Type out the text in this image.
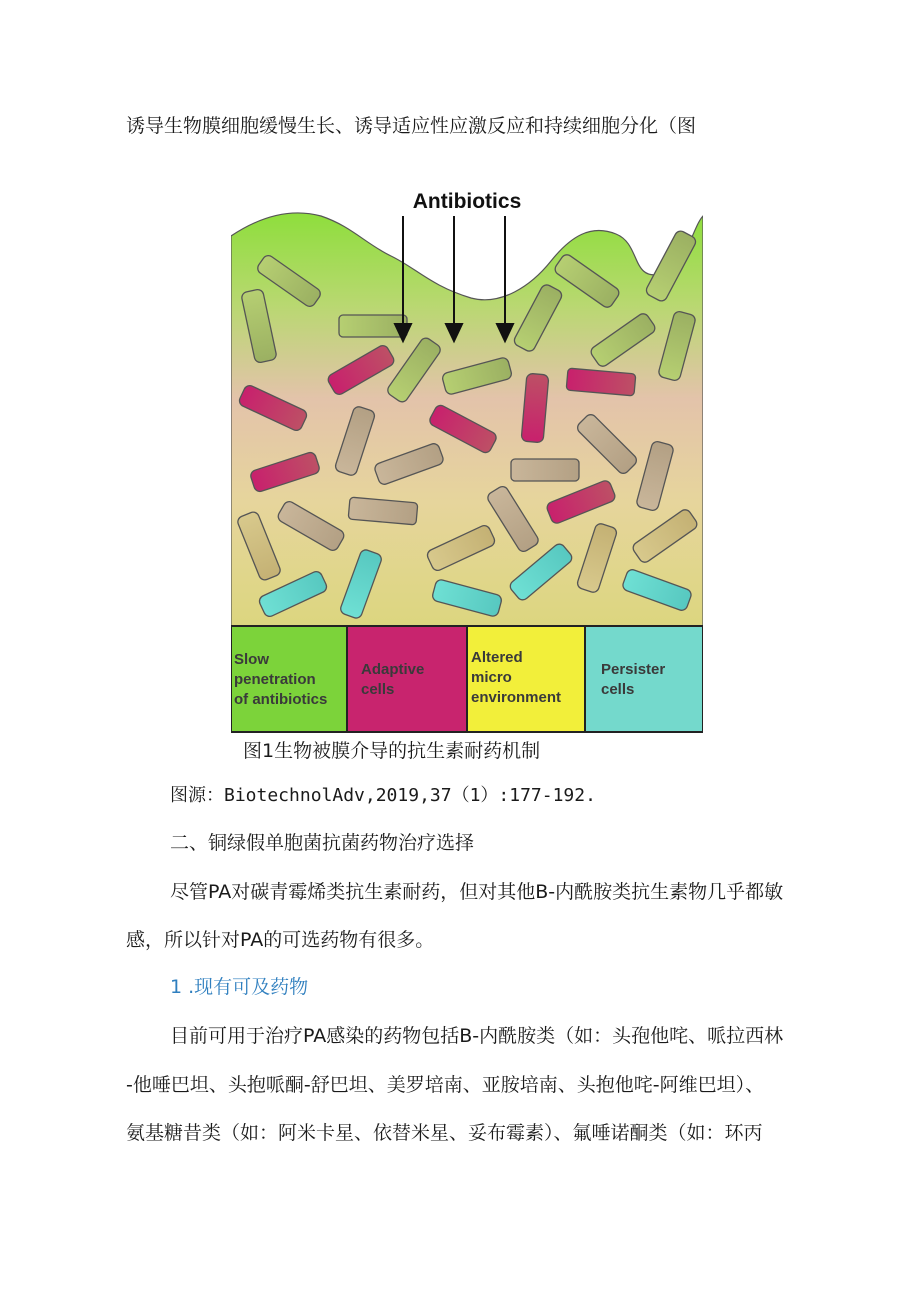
诱导生物膜细胞缓慢生长、诱导适应性应激反应和持续细胞分化（图
Antibiotics
Slow penetration of antibiotics
Adaptive cells
Altered micro environment
Persister cells
图1生物被膜介导的抗生素耐药机制
图源：BiotechnolAdv,2019,37（1）:177-192.
二、铜绿假单胞菌抗菌药物治疗选择
尽管PA对碳青霉烯类抗生素耐药，但对其他B-内酰胺类抗生素物几乎都敏
感，所以针对PA的可选药物有很多。
1 .现有可及药物
目前可用于治疗PA感染的药物包括B-内酰胺类（如：头孢他咤、哌拉西林
-他唾巴坦、头抱哌酮-舒巴坦、美罗培南、亚胺培南、头抱他咤-阿维巴坦）、
氨基糖昔类（如：阿米卡星、依替米星、妥布霉素）、氟唾诺酮类（如：环丙
